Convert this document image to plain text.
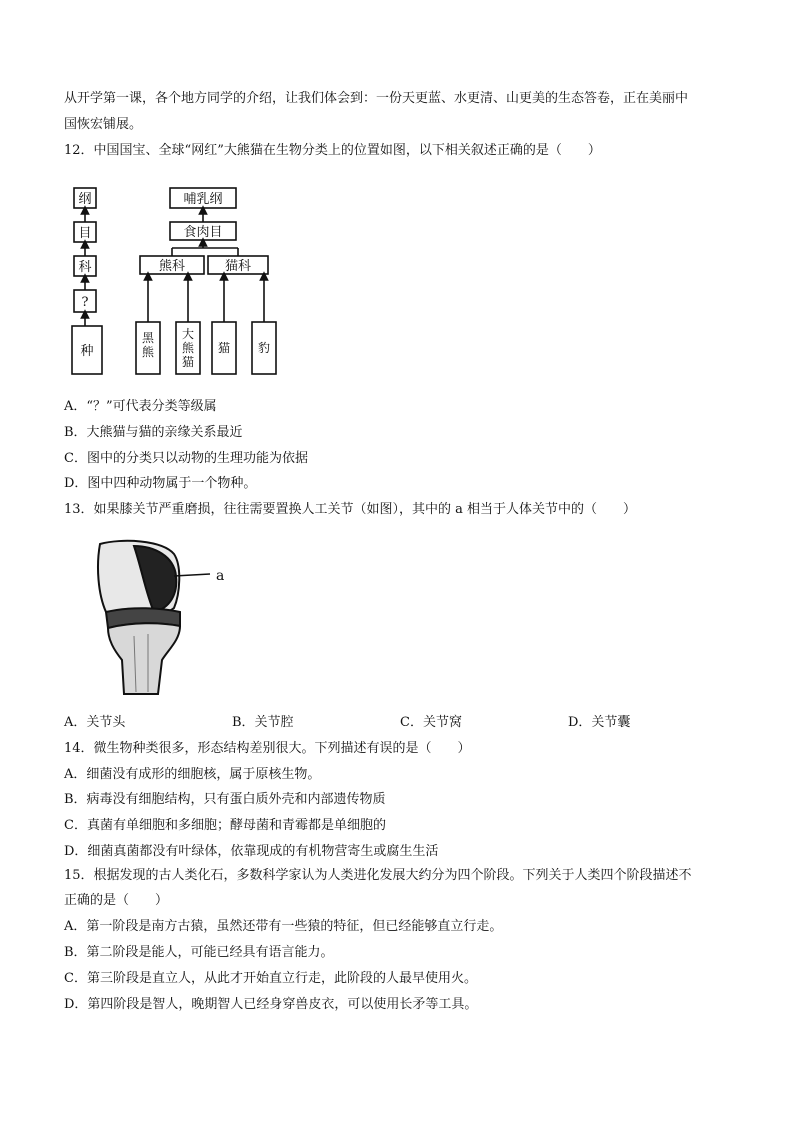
从开学第一课，各个地方同学的介绍，让我们体会到：一份天更蓝、水更清、山更美的生态答卷，正在美丽中
国恢宏铺展。
12．中国国宝、全球“网红”大熊猫在生物分类上的位置如图，以下相关叙述正确的是（　　）
纲
目
科
?
种
哺乳纲
食肉目
熊科	猫科
黑熊
大熊猫
猫 豹
A．“？”可代表分类等级属
B．大熊猫与猫的亲缘关系最近
C．图中的分类只以动物的生理功能为依据
D．图中四种动物属于一个物种。
13．如果膝关节严重磨损，往往需要置换人工关节（如图），其中的 a 相当于人体关节中的（　　）
a
A．关节头	B．关节腔	C．关节窝	D．关节囊
14．微生物种类很多，形态结构差别很大。下列描述有误的是（　　）
A．细菌没有成形的细胞核，属于原核生物。
B．病毒没有细胞结构，只有蛋白质外壳和内部遗传物质
C．真菌有单细胞和多细胞；酵母菌和青霉都是单细胞的
D．细菌真菌都没有叶绿体，依靠现成的有机物营寄生或腐生生活
15．根据发现的古人类化石，多数科学家认为人类进化发展大约分为四个阶段。下列关于人类四个阶段描述不
正确的是（　　）
A．第一阶段是南方古猿，虽然还带有一些猿的特征，但已经能够直立行走。
B．第二阶段是能人，可能已经具有语言能力。
C．第三阶段是直立人，从此才开始直立行走，此阶段的人最早使用火。
D．第四阶段是智人，晚期智人已经身穿兽皮衣，可以使用长矛等工具。
